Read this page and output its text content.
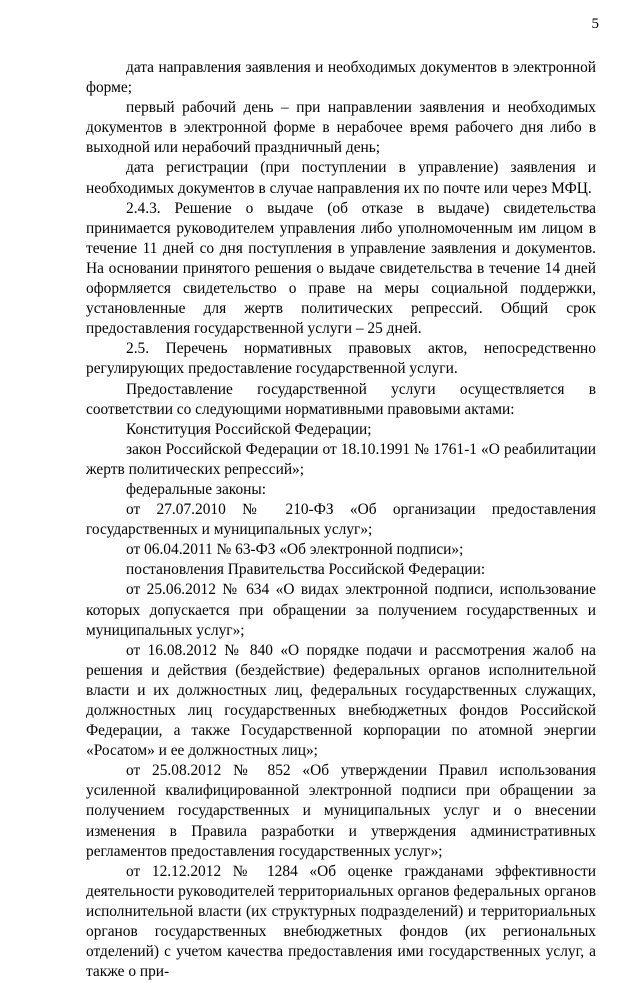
5

дата направления заявления и необходимых документов в электронной форме;

первый рабочий день – при направлении заявления и необходимых документов в электронной форме в нерабочее время рабочего дня либо в выходной или нерабочий праздничный день;

дата регистрации (при поступлении в управление) заявления и необходимых документов в случае направления их по почте или через МФЦ.

2.4.3. Решение о выдаче (об отказе в выдаче) свидетельства принимается руководителем управления либо уполномоченным им лицом в течение 11 дней со дня поступления в управление заявления и документов. На основании принятого решения о выдаче свидетельства в течение 14 дней оформляется свидетельство о праве на меры социальной поддержки, установленные для жертв политических репрессий. Общий срок предоставления государственной услуги – 25 дней.

2.5. Перечень нормативных правовых актов, непосредственно регулирующих предоставление государственной услуги.

Предоставление государственной услуги осуществляется в соответствии со следующими нормативными правовыми актами:

Конституция Российской Федерации;

закон Российской Федерации от 18.10.1991 № 1761-1 «О реабилитации жертв политических репрессий»;

федеральные законы:

от 27.07.2010 № 210-ФЗ «Об организации предоставления государственных и муниципальных услуг»;

от 06.04.2011 № 63-ФЗ «Об электронной подписи»;

постановления Правительства Российской Федерации:

от 25.06.2012 № 634 «О видах электронной подписи, использование которых допускается при обращении за получением государственных и муниципальных услуг»;

от 16.08.2012 № 840 «О порядке подачи и рассмотрения жалоб на решения и действия (бездействие) федеральных органов исполнительной власти и их должностных лиц, федеральных государственных служащих, должностных лиц государственных внебюджетных фондов Российской Федерации, а также Государственной корпорации по атомной энергии «Росатом» и ее должностных лиц»;

от 25.08.2012 № 852 «Об утверждении Правил использования усиленной квалифицированной электронной подписи при обращении за получением государственных и муниципальных услуг и о внесении изменения в Правила разработки и утверждения административных регламентов предоставления государственных услуг»;

от 12.12.2012 № 1284 «Об оценке гражданами эффективности деятельности руководителей территориальных органов федеральных органов исполнительной власти (их структурных подразделений) и территориальных органов государственных внебюджетных фондов (их региональных отделений) с учетом качества предоставления ими государственных услуг, а также о при-
